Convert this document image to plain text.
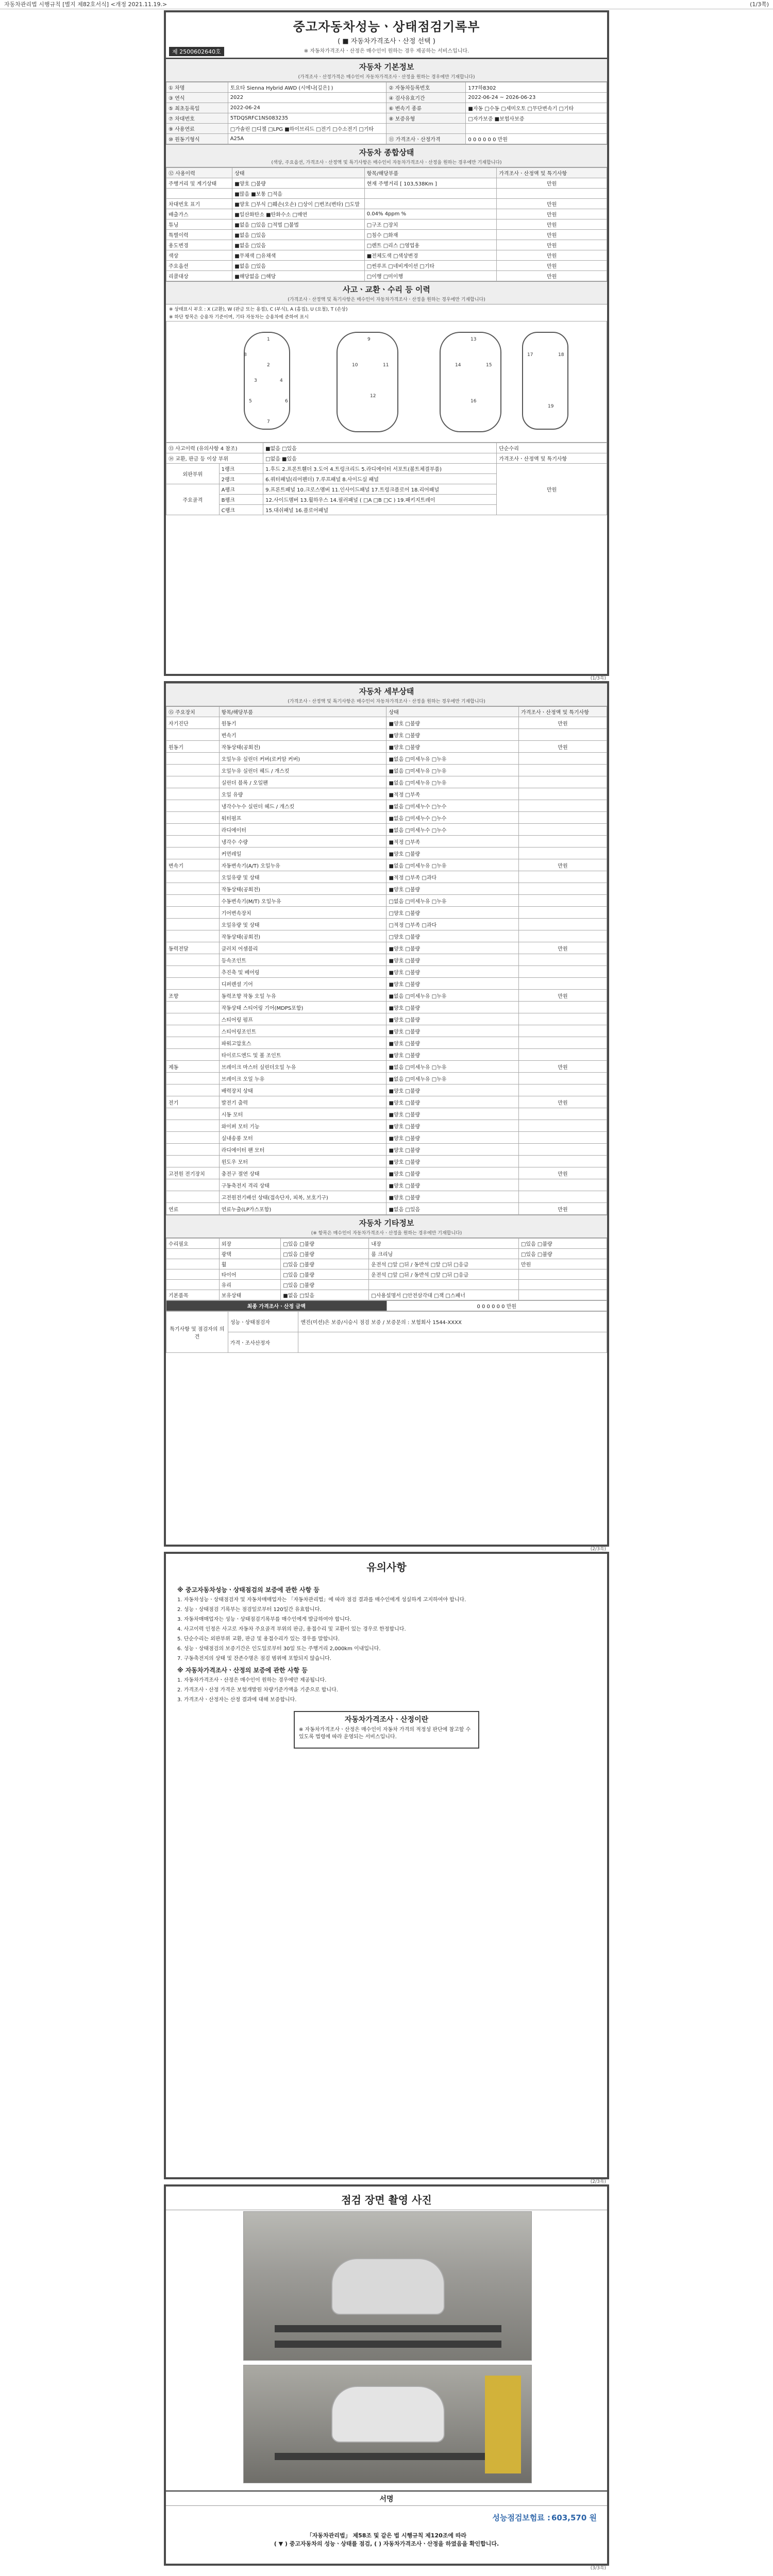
자동차관리법 시행규칙 [별지 제82호서식] <개정 2021.11.19.>	(1/3쪽)
중고자동차성능ㆍ상태점검기록부
( ■ 자동차가격조사ㆍ산정 선택 )
※ 자동차가격조사ㆍ산정은 매수인이 원하는 경우 제공하는 서비스입니다.
제 2500602640호
자동차 기본정보
(가격조사ㆍ산정가격은 매수인이 자동차가격조사ㆍ산정을 원하는 경우에만 기재합니다)
① 차명	토요타 Sienna Hybrid AWD (시에나[깊은] )	② 자동차등록번호	177하8302
③ 연식	2022	④ 검사유효기간	2022-06-24 ~ 2026-06-23
⑤ 최초등록일	2022-06-24	⑥ 변속기 종류	■자동 □수동 □세미오토 □무단변속기 □기타
⑦ 차대번호	5TDQSRFC1NS083235	⑧ 보증유형	□자가보증 ■보험사보증
⑨ 사용연료	□가솔린 □디젤 □LPG ■하이브리드 □전기 □수소전기 □기타		
⑩ 원동기형식	A25A	⑪ 가격조사ㆍ산정가격	0 0 0 0 0 0 만원
자동차 종합상태
(색상, 주요옵션, 가격조사ㆍ산정액 및 특기사항은 매수인이 자동차가격조사ㆍ산정을 원하는 경우에만 기재합니다)
⑫ 사용이력	상태	항목/해당부품	가격조사ㆍ산정액 및 특기사항
주행거리 및 계기상태	■양호 □불량	현재 주행거리 [ 103,538Km ]	만원
	■많음 ■보통 □적음		
차대번호 표기	■양호 □부식 □훼손(오손) □상이 □변조(변타) □도말		만원
배출가스	■일산화탄소 ■탄화수소 □매연	0.04% 4ppm %	만원
튜닝	■없음 □있음 □적법 □불법	□구조 □장치	만원
특별이력	■없음 □있음	□침수 □화재	만원
용도변경	■없음 □있음	□렌트 □리스 □영업용	만원
색상	■무채색 □유채색	■전체도색 □색상변경	만원
주요옵션	■없음 □있음	□썬루프 □네비게이션 □기타	만원
리콜대상	■해당없음 □해당	□이행 □미이행	만원
사고ㆍ교환ㆍ수리 등 이력
(가격조사ㆍ산정액 및 특기사항은 매수인이 자동차가격조사ㆍ산정을 원하는 경우에만 기재합니다)
※ 상태표시 부호 : X (교환), W (판금 또는 용접), C (부식), A (흠집), U (요철), T (손상)
※ 하단 항목은 승용차 기준이며, 기타 자동차는 승용차에 준하여 표시
1
2
3	4
5	6
7
8
9
10	11
12
13
14	15
16
17	18
19
⑬ 사고이력 (유의사항 4 참조)		■없음 □있음	단순수리
⑭ 교환, 판금 등 이상 부위		□없음 ■있음	가격조사ㆍ산정액 및 특기사항
외판부위	1랭크	1.후드 2.프론트휀더 3.도어 4.트렁크리드 5.라디에이터 서포트(볼트체결부품)	만원
	2랭크	6.쿼터패널(리어펜더) 7.루프패널 8.사이드실 패널	
주요골격	A랭크	9.프론트패널 10.크로스멤버 11.인사이드패널 17.트렁크플로어 18.리어패널	
	B랭크	12.사이드멤버 13.휠하우스 14.필러패널 ( □A □B □C ) 19.패키지트레이	
	C랭크	15.대쉬패널 16.플로어패널	
(1/3쪽)
자동차 세부상태
(가격조사ㆍ산정액 및 특기사항은 매수인이 자동차가격조사ㆍ산정을 원하는 경우에만 기재합니다)
⑮ 주요장치	항목/해당부품	상태	가격조사ㆍ산정액 및 특기사항
자기진단	원동기	■양호 □불량	만원
	변속기	■양호 □불량	
원동기	작동상태(공회전)	■양호 □불량	만원
	오일누유 실린더 커버(로커암 커버)	■없음 □미세누유 □누유	
	오일누유 실린더 헤드 / 개스킷	■없음 □미세누유 □누유	
	실린더 블록 / 오일팬	■없음 □미세누유 □누유	
	오일 유량	■적정 □부족	
	냉각수누수 실린더 헤드 / 개스킷	■없음 □미세누수 □누수	
	워터펌프	■없음 □미세누수 □누수	
	라디에이터	■없음 □미세누수 □누수	
	냉각수 수량	■적정 □부족	
	커먼레일	■양호 □불량	
변속기	자동변속기(A/T) 오일누유	■없음 □미세누유 □누유	만원
	오일유량 및 상태	■적정 □부족 □과다	
	작동상태(공회전)	■양호 □불량	
	수동변속기(M/T) 오일누유	□없음 □미세누유 □누유	
	기어변속장치	□양호 □불량	
	오일유량 및 상태	□적정 □부족 □과다	
	작동상태(공회전)	□양호 □불량	
동력전달	클러치 어셈블리	■양호 □불량	만원
	등속조인트	■양호 □불량	
	추진축 및 베어링	■양호 □불량	
	디퍼렌셜 기어	■양호 □불량	
조향	동력조향 작동 오일 누유	■없음 □미세누유 □누유	만원
	작동상태 스티어링 기어(MDPS포함)	■양호 □불량	
	스티어링 펌프	■양호 □불량	
	스티어링조인트	■양호 □불량	
	파워고압호스	■양호 □불량	
	타이로드엔드 및 볼 조인트	■양호 □불량	
제동	브레이크 마스터 실린더오일 누유	■없음 □미세누유 □누유	만원
	브레이크 오일 누유	■없음 □미세누유 □누유	
	배력장치 상태	■양호 □불량	
전기	발전기 출력	■양호 □불량	만원
	시동 모터	■양호 □불량	
	와이퍼 모터 기능	■양호 □불량	
	실내송풍 모터	■양호 □불량	
	라디에이터 팬 모터	■양호 □불량	
	윈도우 모터	■양호 □불량	
고전원 전기장치	충전구 절연 상태	■양호 □불량	만원
	구동축전지 격리 상태	■양호 □불량	
	고전원전기배선 상태(접속단자, 피복, 보호기구)	■양호 □불량	
연료	연료누출(LP가스포함)	■없음 □있음	만원
자동차 기타정보
(※ 항목은 매수인이 자동차가격조사ㆍ산정을 원하는 경우에만 기재합니다)
수리필요	외장	□있음 □불량	내장	□있음 □불량
	광택	□있음 □불량	룸 크리닝	□있음 □불량
	휠	□있음 □불량	운전석 □앞 □뒤 / 동반석 □앞 □뒤 □응급	만원
	타이어	□있음 □불량	운전석 □앞 □뒤 / 동반석 □앞 □뒤 □응급	
	유리	□있음 □불량		
기본품목	보유상태	■없음 □있음	□사용설명서 □안전삼각대 □잭 □스패너	
최종 가격조사ㆍ산정 금액	0 0 0 0 0 0 만원
특기사항 및 점검자의 의견	성능ㆍ상태점검자	엔진(미션)은 보증/시승시 점검 보증 / 보증문의 : 보험회사 1544-XXXX
	가격ㆍ조사산정자	
(2/3쪽)
유의사항
※ 중고자동차성능ㆍ상태점검의 보증에 관한 사항 등

1. 자동차성능ㆍ상태점검자 및 자동차매매업자는 「자동차관리법」에 따라 점검 결과를 매수인에게 성실하게 고지하여야 합니다.

2. 성능ㆍ상태점검 기록부는 점검일로부터 120일간 유효합니다.

3. 자동차매매업자는 성능ㆍ상태점검기록부를 매수인에게 발급하여야 합니다.

4. 사고이력 인정은 사고로 자동차 주요골격 부위의 판금, 용접수리 및 교환이 있는 경우로 한정합니다.

5. 단순수리는 외판부위 교환, 판금 및 용접수리가 있는 경우를 말합니다.

6. 성능ㆍ상태점검의 보증기간은 인도일로부터 30일 또는 주행거리 2,000km 이내입니다.

7. 구동축전지의 상태 및 잔존수명은 점검 범위에 포함되지 않습니다.

※ 자동차가격조사ㆍ산정의 보증에 관한 사항 등

1. 자동차가격조사ㆍ산정은 매수인이 원하는 경우에만 제공됩니다.

2. 가격조사ㆍ산정 가격은 보험개발원 차량기준가액을 기준으로 합니다.

3. 가격조사ㆍ산정자는 산정 결과에 대해 보증합니다.

자동차가격조사ㆍ산정이란

※ 자동차가격조사ㆍ산정은 매수인이 자동차 가격의 적정성 판단에 참고할 수 있도록 법령에 따라 운영되는 서비스입니다.

(2/3쪽)
점검 장면 촬영 사진
서명
성능점검보험료 : 603,570 원
「자동차관리법」 제58조 및 같은 법 시행규칙 제120조에 따라
( ▼ ) 중고자동차의 성능ㆍ상태를 점검, ( ) 자동차가격조사ㆍ산정을 하였음을 확인합니다.
(3/3쪽)
